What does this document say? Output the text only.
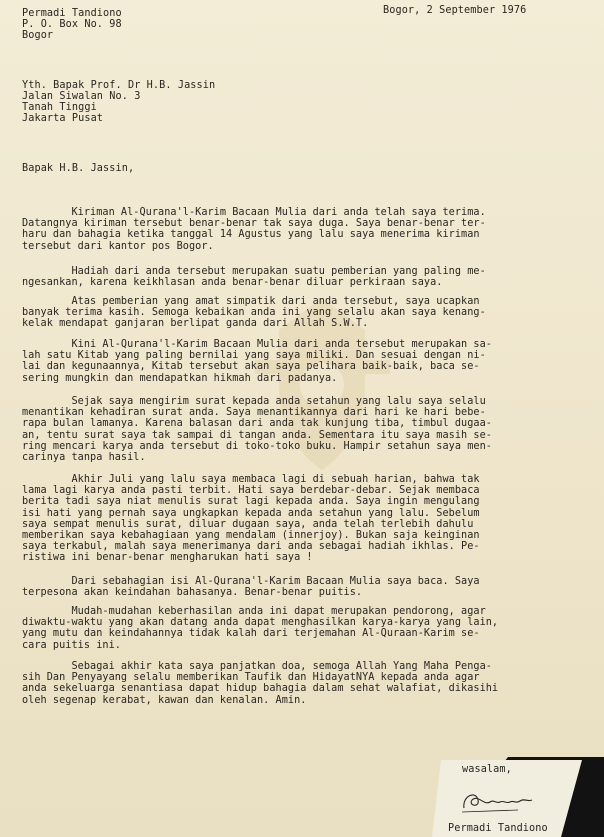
Bogor, 2 September 1976
Permadi Tandiono
P. O. Box No. 98
Bogor
Yth. Bapak Prof. Dr H.B. Jassin
Jalan Siwalan No. 3
Tanah Tinggi
Jakarta Pusat
Bapak H.B. Jassin,
Kiriman Al-Qurana'l-Karim Bacaan Mulia dari anda telah saya terima.
Datangnya kiriman tersebut benar-benar tak saya duga. Saya benar-benar ter-
haru dan bahagia ketika tanggal 14 Agustus yang lalu saya menerima kiriman
tersebut dari kantor pos Bogor.
Hadiah dari anda tersebut merupakan suatu pemberian yang paling me-
ngesankan, karena keikhlasan anda benar-benar diluar perkiraan saya.
Atas pemberian yang amat simpatik dari anda tersebut, saya ucapkan
banyak terima kasih. Semoga kebaikan anda ini yang selalu akan saya kenang-
kelak mendapat ganjaran berlipat ganda dari Allah S.W.T.
Kini Al-Qurana'l-Karim Bacaan Mulia dari anda tersebut merupakan sa-
lah satu Kitab yang paling bernilai yang saya miliki. Dan sesuai dengan ni-
lai dan kegunaannya, Kitab tersebut akan saya pelihara baik-baik, baca se-
sering mungkin dan mendapatkan hikmah dari padanya.
Sejak saya mengirim surat kepada anda setahun yang lalu saya selalu
menantikan kehadiran surat anda. Saya menantikannya dari hari ke hari bebe-
rapa bulan lamanya. Karena balasan dari anda tak kunjung tiba, timbul dugaa-
an, tentu surat saya tak sampai di tangan anda. Sementara itu saya masih se-
ring mencari karya anda tersebut di toko-toko buku. Hampir setahun saya men-
carinya tanpa hasil.
Akhir Juli yang lalu saya membaca lagi di sebuah harian, bahwa tak
lama lagi karya anda pasti terbit. Hati saya berdebar-debar. Sejak membaca
berita tadi saya niat menulis surat lagi kepada anda. Saya ingin mengulang
isi hati yang pernah saya ungkapkan kepada anda setahun yang lalu. Sebelum
saya sempat menulis surat, diluar dugaan saya, anda telah terlebih dahulu
memberikan saya kebahagiaan yang mendalam (innerjoy). Bukan saja keinginan
saya terkabul, malah saya menerimanya dari anda sebagai hadiah ikhlas. Pe-
ristiwa ini benar-benar mengharukan hati saya !
Dari sebahagian isi Al-Qurana'l-Karim Bacaan Mulia saya baca. Saya
terpesona akan keindahan bahasanya. Benar-benar puitis.
Mudah-mudahan keberhasilan anda ini dapat merupakan pendorong, agar
diwaktu-waktu yang akan datang anda dapat menghasilkan karya-karya yang lain,
yang mutu dan keindahannya tidak kalah dari terjemahan Al-Quraan-Karim se-
cara puitis ini.
Sebagai akhir kata saya panjatkan doa, semoga Allah Yang Maha Penga-
sih Dan Penyayang selalu memberikan Taufik dan HidayatNYA kepada anda agar
anda sekeluarga senantiasa dapat hidup bahagia dalam sehat walafiat, dikasihi
oleh segenap kerabat, kawan dan kenalan. Amin.
wasalam,
Permadi Tandiono
